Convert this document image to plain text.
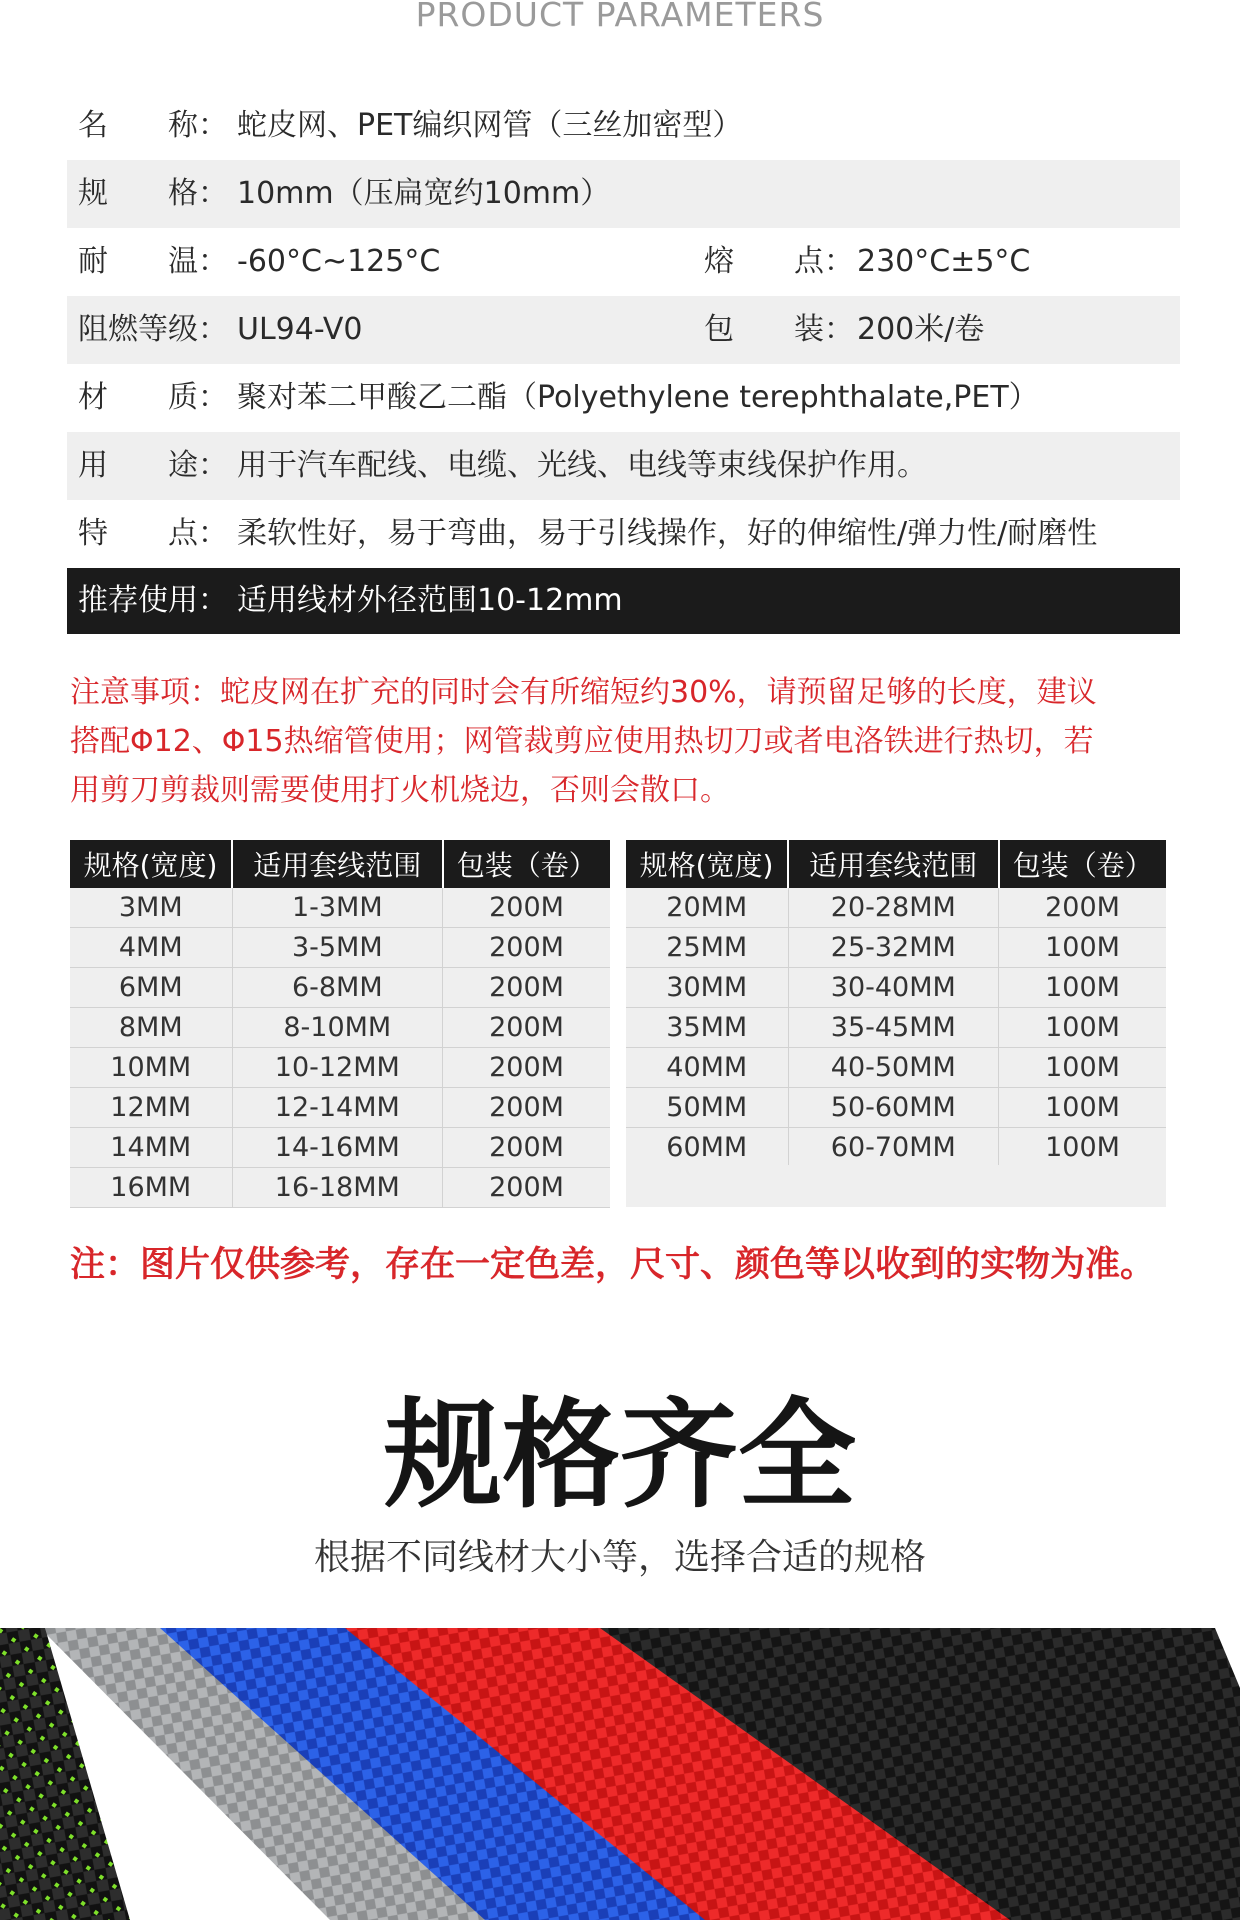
PRODUCT PARAMETERS
名　　称： 蛇皮网、PET编织网管（三丝加密型）
规　　格： 10mm（压扁宽约10mm）
耐　　温： -60°C~125°C	熔　　点： 230°C±5°C
阻燃等级： UL94-V0	包　　装： 200米/卷
材　　质： 聚对苯二甲酸乙二酯（Polyethylene terephthalate,PET）
用　　途： 用于汽车配线、电缆、光线、电线等束线保护作用。
特　　点： 柔软性好，易于弯曲，易于引线操作，好的伸缩性/弹力性/耐磨性
推荐使用： 适用线材外径范围10-12mm
注意事项：蛇皮网在扩充的同时会有所缩短约30%，请预留足够的长度，建议
搭配Φ12、Φ15热缩管使用；网管裁剪应使用热切刀或者电洛铁进行热切，若
用剪刀剪裁则需要使用打火机烧边，否则会散口。
规格(宽度)	适用套线范围	包装（卷）
3MM	1-3MM	200M
4MM	3-5MM	200M
6MM	6-8MM	200M
8MM	8-10MM	200M
10MM	10-12MM	200M
12MM	12-14MM	200M
14MM	14-16MM	200M
16MM	16-18MM	200M
规格(宽度)	适用套线范围	包装（卷）
20MM	20-28MM	200M
25MM	25-32MM	100M
30MM	30-40MM	100M
35MM	35-45MM	100M
40MM	40-50MM	100M
50MM	50-60MM	100M
60MM	60-70MM	100M
注：图片仅供参考，存在一定色差，尺寸、颜色等以收到的实物为准。
规格齐全
根据不同线材大小等，选择合适的规格
